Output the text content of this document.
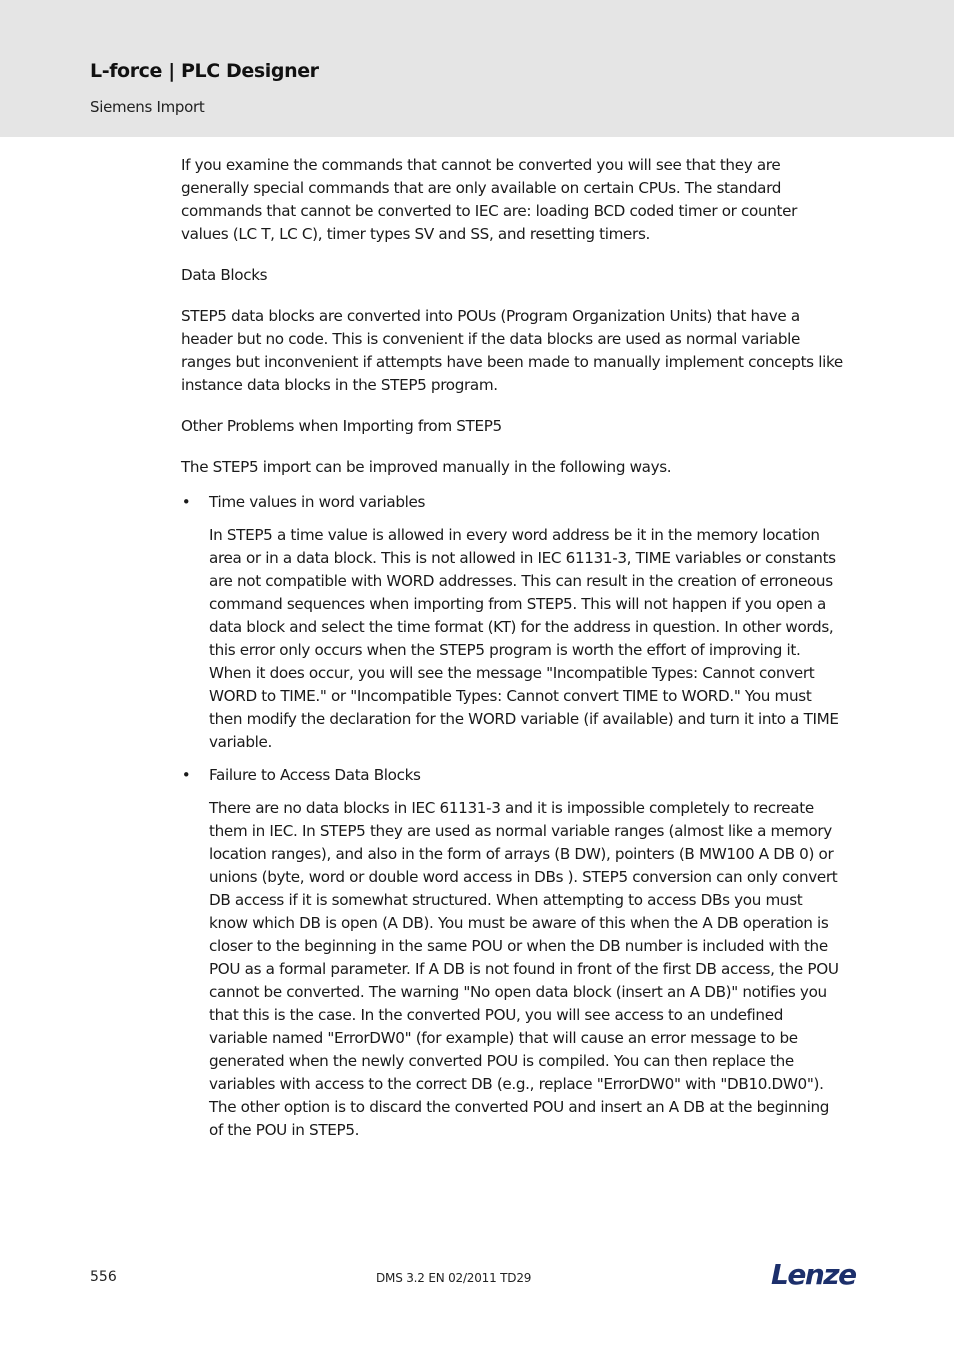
L-force | PLC Designer
Siemens Import

If you examine the commands that cannot be converted you will see that they are generally special commands that are only available on certain CPUs. The standard commands that cannot be converted to IEC are: loading BCD coded timer or counter values (LC T, LC C), timer types SV and SS, and resetting timers.

Data Blocks

STEP5 data blocks are converted into POUs (Program Organization Units) that have a header but no code. This is convenient if the data blocks are used as normal variable ranges but inconvenient if attempts have been made to manually implement concepts like instance data blocks in the STEP5 program.

Other Problems when Importing from STEP5

The STEP5 import can be improved manually in the following ways.

• Time values in word variables
In STEP5 a time value is allowed in every word address be it in the memory location area or in a data block. This is not allowed in IEC 61131-3, TIME variables or constants are not compatible with WORD addresses. This can result in the creation of erroneous command sequences when importing from STEP5. This will not happen if you open a data block and select the time format (KT) for the address in question. In other words, this error only occurs when the STEP5 program is worth the effort of improving it. When it does occur, you will see the message "Incompatible Types: Cannot convert WORD to TIME." or "Incompatible Types: Cannot convert TIME to WORD." You must then modify the declaration for the WORD variable (if available) and turn it into a TIME variable.
• Failure to Access Data Blocks
There are no data blocks in IEC 61131-3 and it is impossible completely to recreate them in IEC. In STEP5 they are used as normal variable ranges (almost like a memory location ranges), and also in the form of arrays (B DW), pointers (B MW100 A DB 0) or unions (byte, word or double word access in DBs ). STEP5 conversion can only convert DB access if it is somewhat structured. When attempting to access DBs you must know which DB is open (A DB). You must be aware of this when the A DB operation is closer to the beginning in the same POU or when the DB number is included with the POU as a formal parameter. If A DB is not found in front of the first DB access, the POU cannot be converted. The warning "No open data block (insert an A DB)" notifies you that this is the case. In the converted POU, you will see access to an undefined variable named "ErrorDW0" (for example) that will cause an error message to be generated when the newly converted POU is compiled. You can then replace the variables with access to the correct DB (e.g., replace "ErrorDW0" with "DB10.DW0"). The other option is to discard the converted POU and insert an A DB at the beginning of the POU in STEP5.
556	DMS 3.2 EN 02/2011 TD29	Lenze
